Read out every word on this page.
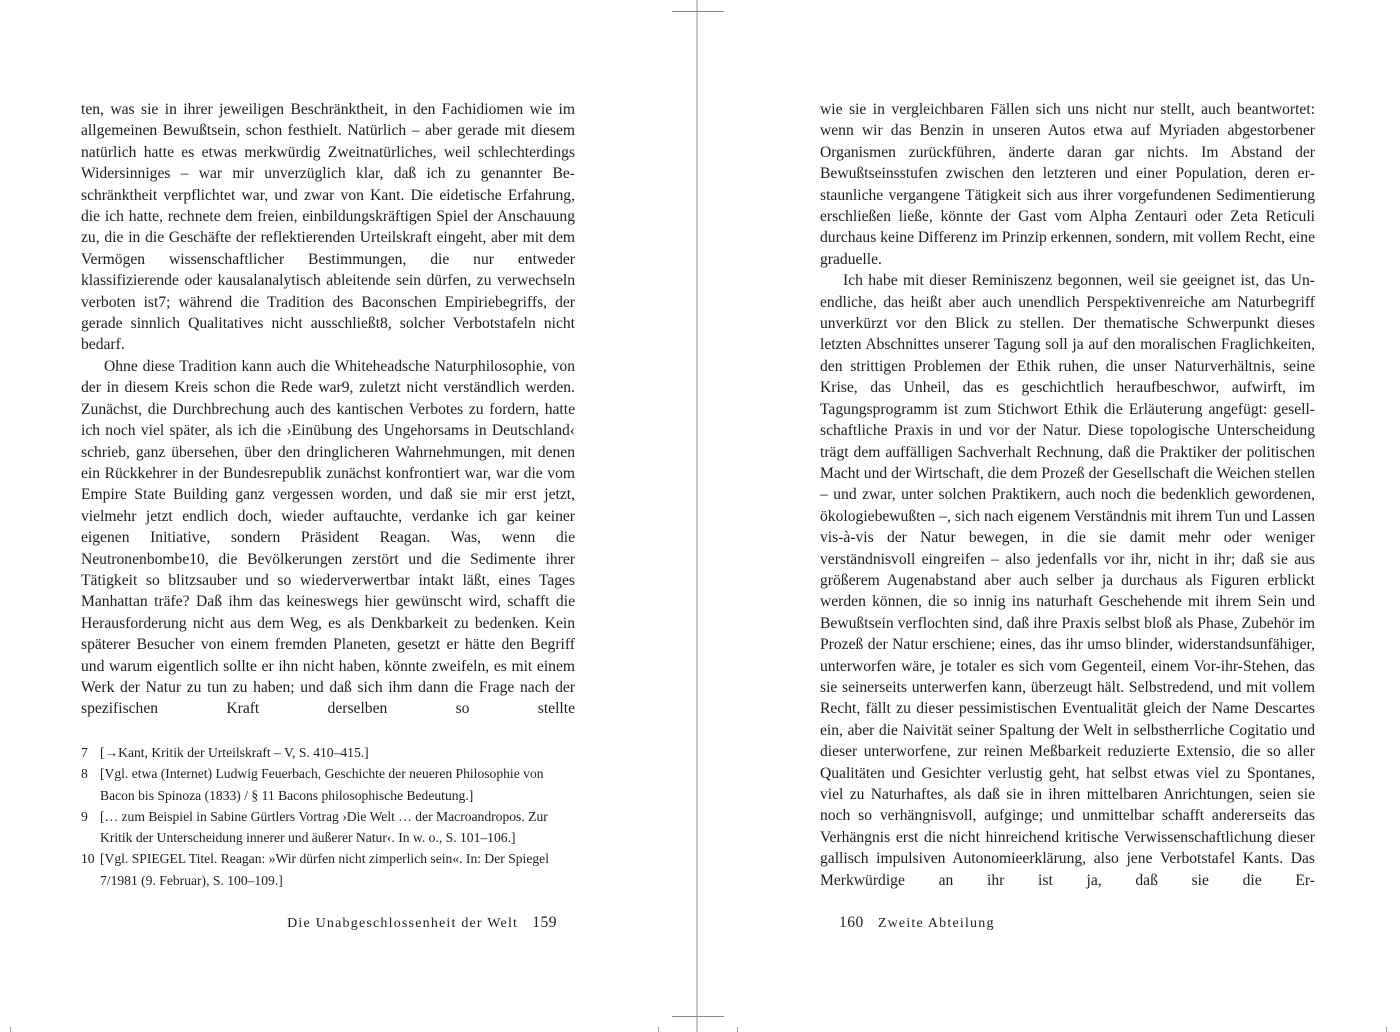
ten, was sie in ihrer jeweiligen Beschränktheit, in den Fachidiomen wie im allgemeinen Bewußtsein, schon festhielt. Natürlich – aber gerade mit diesem natürlich hatte es etwas merkwürdig Zweitnatürliches, weil schlechterdings Widersinniges – war mir unverzüglich klar, daß ich zu genannter Beschränktheit verpflichtet war, und zwar von Kant. Die eidetische Erfahrung, die ich hatte, rechnete dem freien, einbildungskräftigen Spiel der Anschauung zu, die in die Geschäfte der reflektierenden Urteilskraft eingeht, aber mit dem Vermögen wissenschaftlicher Bestimmungen, die nur entweder klassifizierende oder kausalanalytisch ableitende sein dürfen, zu verwechseln verboten ist7; während die Tradition des Baconschen Empiriebegriffs, der gerade sinnlich Qualitatives nicht ausschließt8, solcher Verbotstafeln nicht bedarf.

Ohne diese Tradition kann auch die Whiteheadsche Naturphilosophie, von der in diesem Kreis schon die Rede war9, zuletzt nicht verständlich werden. Zunächst, die Durchbrechung auch des kantischen Verbotes zu fordern, hatte ich noch viel später, als ich die ›Einübung des Ungehorsams in Deutschland‹ schrieb, ganz übersehen, über den dringlicheren Wahrnehmungen, mit denen ein Rückkehrer in der Bundesrepublik zunächst konfrontiert war, war die vom Empire State Building ganz vergessen worden, und daß sie mir erst jetzt, vielmehr jetzt endlich doch, wieder auftauchte, verdanke ich gar keiner eigenen Initiative, sondern Präsident Reagan. Was, wenn die Neutronenbombe10, die Bevölkerungen zerstört und die Sedimente ihrer Tätigkeit so blitzsauber und so wiederverwertbar intakt läßt, eines Tages Manhattan träfe? Daß ihm das keineswegs hier gewünscht wird, schafft die Herausforderung nicht aus dem Weg, es als Denkbarkeit zu bedenken. Kein späterer Besucher von einem fremden Planeten, gesetzt er hätte den Begriff und warum eigentlich sollte er ihn nicht haben, könnte zweifeln, es mit einem Werk der Natur zu tun zu haben; und daß sich ihm dann die Frage nach der spezifischen Kraft derselben so stellte

7 [→Kant, Kritik der Urteilskraft – V, S. 410–415.]
8 [Vgl. etwa (Internet) Ludwig Feuerbach, Geschichte der neueren Philosophie von Bacon bis Spinoza (1833) / § 11 Bacons philosophische Bedeutung.]
9 [… zum Beispiel in Sabine Gürtlers Vortrag ›Die Welt … der Macroandropos. Zur Kritik der Unterscheidung innerer und äußerer Natur‹. In w. o., S. 101–106.]
10 [Vgl. SPIEGEL Titel. Reagan: »Wir dürfen nicht zimperlich sein«. In: Der Spiegel 7/1981 (9. Februar), S. 100–109.]
Die Unabgeschlossenheit der Welt 159

wie sie in vergleichbaren Fällen sich uns nicht nur stellt, auch beantwortet: wenn wir das Benzin in unseren Autos etwa auf Myriaden abgestorbener Organismen zurückführen, änderte daran gar nichts. Im Abstand der Bewußtseinsstufen zwischen den letzteren und einer Population, deren erstaunliche vergangene Tätigkeit sich aus ihrer vorgefundenen Sedimentierung erschließen ließe, könnte der Gast vom Alpha Zentauri oder Zeta Reticuli durchaus keine Differenz im Prinzip erkennen, sondern, mit vollem Recht, eine graduelle.

Ich habe mit dieser Reminiszenz begonnen, weil sie geeignet ist, das Unendliche, das heißt aber auch unendlich Perspektivenreiche am Naturbegriff unverkürzt vor den Blick zu stellen. Der thematische Schwerpunkt dieses letzten Abschnittes unserer Tagung soll ja auf den moralischen Fraglichkeiten, den strittigen Problemen der Ethik ruhen, die unser Naturverhältnis, seine Krise, das Unheil, das es geschichtlich heraufbeschwor, aufwirft, im Tagungsprogramm ist zum Stichwort Ethik die Erläuterung angefügt: gesellschaftliche Praxis in und vor der Natur. Diese topologische Unterscheidung trägt dem auffälligen Sachverhalt Rechnung, daß die Praktiker der politischen Macht und der Wirtschaft, die dem Prozeß der Gesellschaft die Weichen stellen – und zwar, unter solchen Praktikern, auch noch die bedenklich gewordenen, ökologiebewußten –, sich nach eigenem Verständnis mit ihrem Tun und Lassen vis-à-vis der Natur bewegen, in die sie damit mehr oder weniger verständnisvoll eingreifen – also jedenfalls vor ihr, nicht in ihr; daß sie aus größerem Augenabstand aber auch selber ja durchaus als Figuren erblickt werden können, die so innig ins naturhaft Geschehende mit ihrem Sein und Bewußtsein verflochten sind, daß ihre Praxis selbst bloß als Phase, Zubehör im Prozeß der Natur erschiene; eines, das ihr umso blinder, widerstandsunfähiger, unterworfen wäre, je totaler es sich vom Gegenteil, einem Vor-ihr-Stehen, das sie seinerseits unterwerfen kann, überzeugt hält. Selbstredend, und mit vollem Recht, fällt zu dieser pessimistischen Eventualität gleich der Name Descartes ein, aber die Naivität seiner Spaltung der Welt in selbstherrliche Cogitatio und dieser unterworfene, zur reinen Meßbarkeit reduzierte Extensio, die so aller Qualitäten und Gesichter verlustig geht, hat selbst etwas viel zu Spontanes, viel zu Naturhaftes, als daß sie in ihren mittelbaren Anrichtungen, seien sie noch so verhängnisvoll, aufginge; und unmittelbar schafft andererseits das Verhängnis erst die nicht hinreichend kritische Verwissenschaftlichung dieser gallisch impulsiven Autonomieerklärung, also jene Verbotstafel Kants. Das Merkwürdige an ihr ist ja, daß sie die Er-

160 Zweite Abteilung
